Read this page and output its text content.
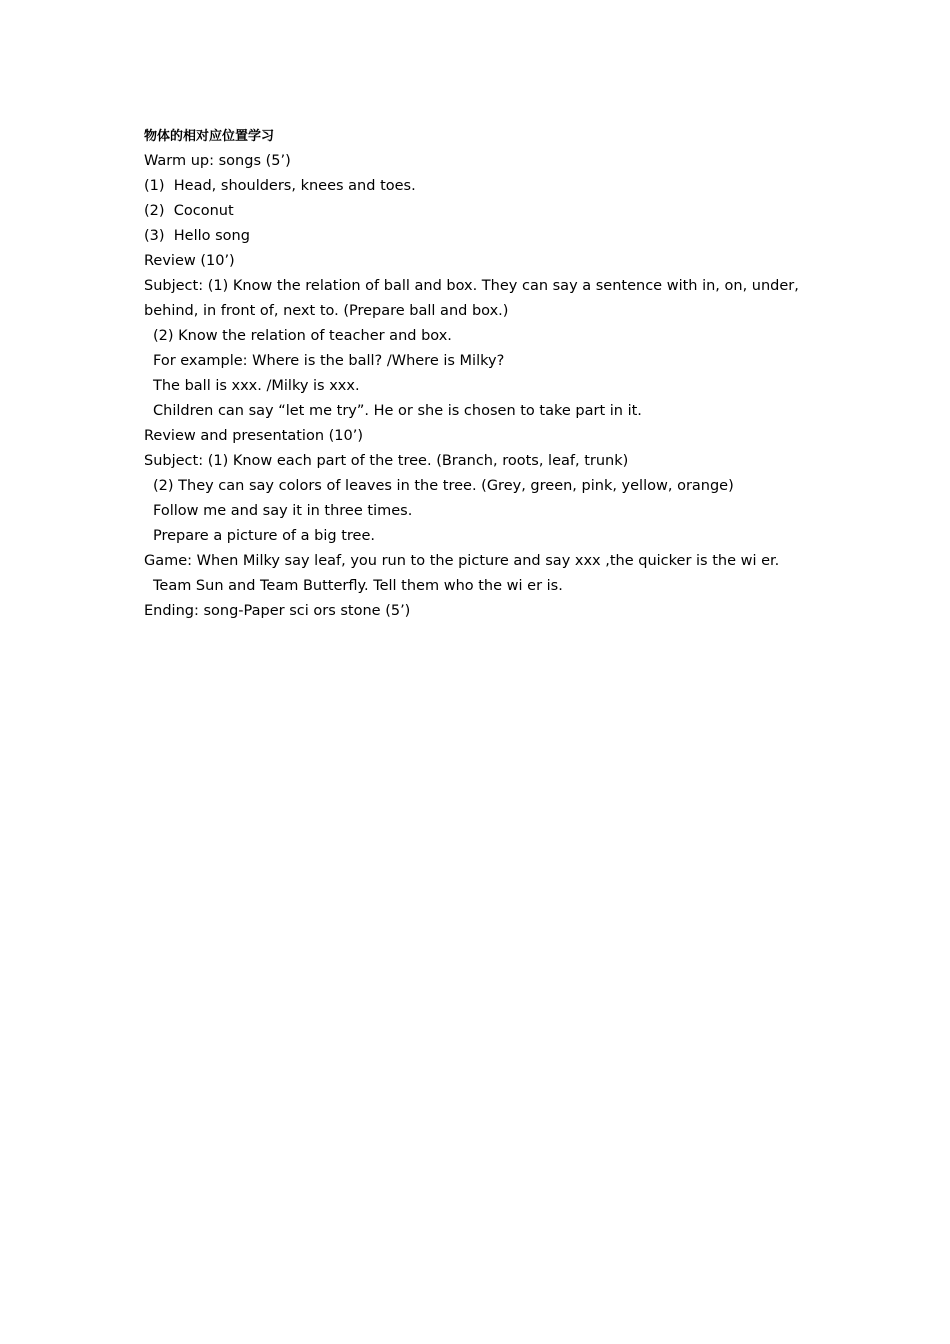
物体的相对应位置学习
Warm up: songs (5’)
(1)  Head, shoulders, knees and toes.
(2)  Coconut
(3)  Hello song
Review (10’)
Subject: (1) Know the relation of ball and box. They can say a sentence with in, on, under,
behind, in front of, next to. (Prepare ball and box.)
(2) Know the relation of teacher and box.
For example: Where is the ball? /Where is Milky?
The ball is xxx. /Milky is xxx.
Children can say “let me try”. He or she is chosen to take part in it.
Review and presentation (10’)
Subject: (1) Know each part of the tree. (Branch, roots, leaf, trunk)
(2) They can say colors of leaves in the tree. (Grey, green, pink, yellow, orange)
Follow me and say it in three times.
Prepare a picture of a big tree.
Game: When Milky say leaf, you run to the picture and say xxx ,the quicker is the wi er.
Team Sun and Team Butterfly. Tell them who the wi er is.
Ending: song-Paper sci ors stone (5’)
